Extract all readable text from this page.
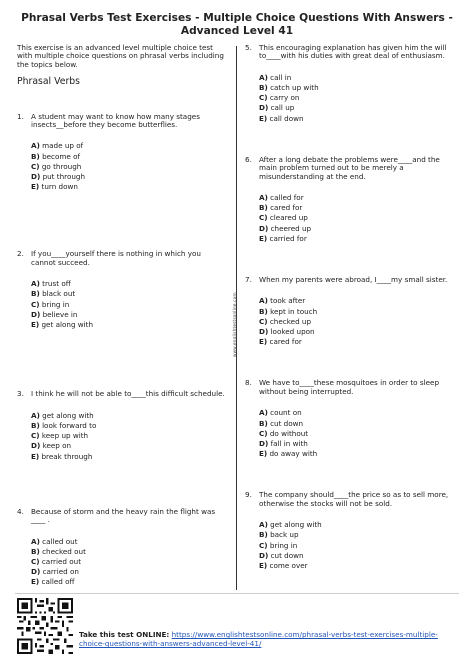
Phrasal Verbs Test Exercises - Multiple Choice Questions With Answers - Advanced Level 41

This exercise is an advanced level multiple choice test with multiple choice questions on phrasal verbs including the topics below.

Phrasal Verbs
1. A student may want to know how many stages insects__before they become butterflies.
A) made up of
B) become of
C) go through
D) put through
E) turn down
2. If you____yourself there is nothing in which you cannot succeed.
A) trust off
B) black out
C) bring in
D) believe in
E) get along with
3. I think he will not be able to____this difficult schedule.
A) get along with
B) look forward to
C) keep up with
D) keep on
E) break through
4. Because of storm and the heavy rain the flight was ____ .
A) called out
B) checked out
C) carried out
D) carried on
E) called off
www.englishtestsonline.com
5. This encouraging explanation has given him the will to____with his duties with great deal of enthusiasm.
A) call in
B) catch up with
C) carry on
D) call up
E) call down
6. After a long debate the problems were____and the main problem turned out to be merely a misunderstanding at the end.
A) called for
B) cared for
C) cleared up
D) cheered up
E) carried for
7. When my parents were abroad, I____my small sister.
A) took after
B) kept in touch
C) checked up
D) looked upon
E) cared for
8. We have to____these mosquitoes in order to sleep without being interrupted.
A) count on
B) cut down
C) do without
D) fall in with
E) do away with
9. The company should____the price so as to sell more, otherwise the stocks will not be sold.
A) get along with
B) back up
C) bring in
D) cut down
E) come over
Take this test ONLINE: https://www.englishtestsonline.com/phrasal-verbs-test-exercises-multiple-choice-questions-with-answers-advanced-level-41/
